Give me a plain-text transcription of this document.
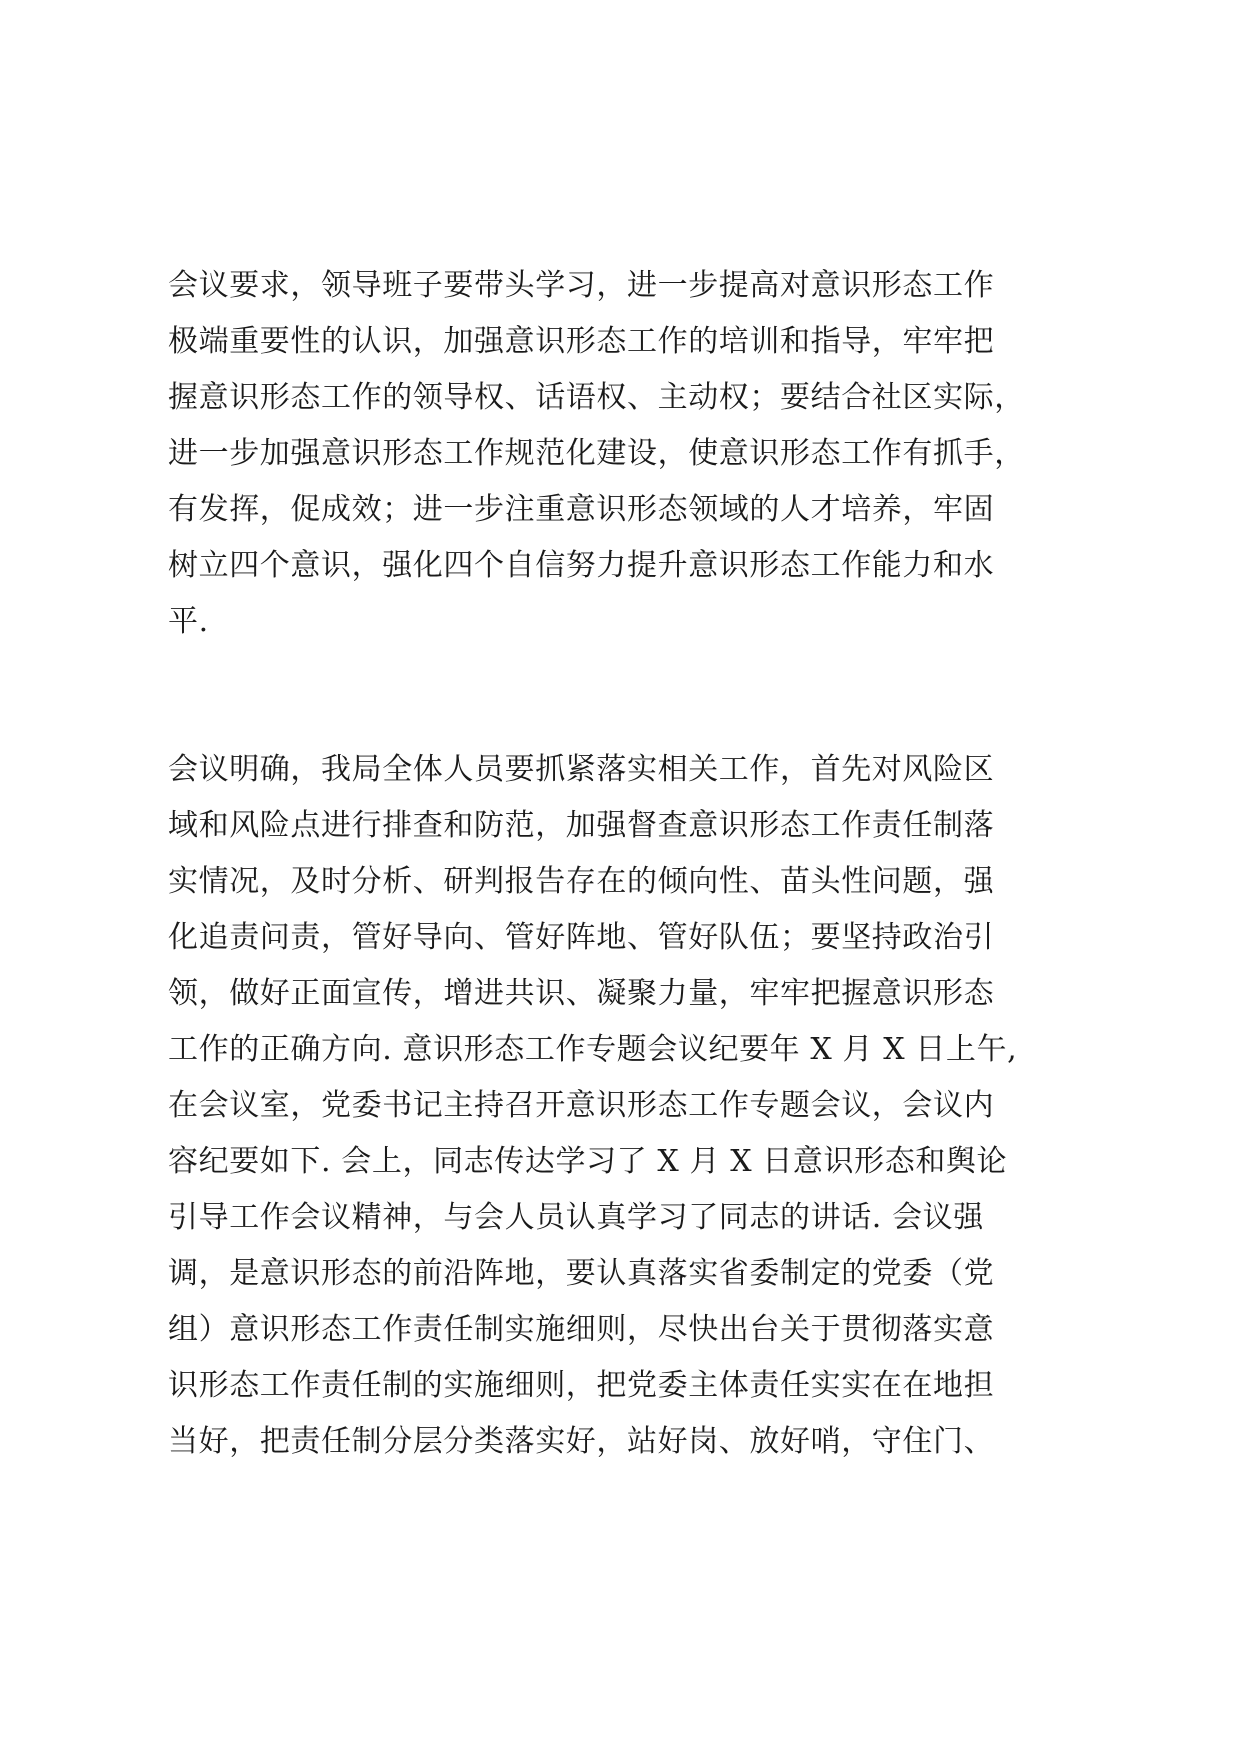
会议要求，领导班子要带头学习，进一步提高对意识形态工作
极端重要性的认识，加强意识形态工作的培训和指导，牢牢把
握意识形态工作的领导权、话语权、主动权；要结合社区实际，
进一步加强意识形态工作规范化建设，使意识形态工作有抓手，
有发挥，促成效；进一步注重意识形态领域的人才培养，牢固
树立四个意识，强化四个自信努力提升意识形态工作能力和水
平.
会议明确，我局全体人员要抓紧落实相关工作，首先对风险区
域和风险点进行排查和防范，加强督查意识形态工作责任制落
实情况，及时分析、研判报告存在的倾向性、苗头性问题，强
化追责问责，管好导向、管好阵地、管好队伍；要坚持政治引
领，做好正面宣传，增进共识、凝聚力量，牢牢把握意识形态
工作的正确方向. 意识形态工作专题会议纪要年 X 月 X 日上午,
在会议室，党委书记主持召开意识形态工作专题会议，会议内
容纪要如下. 会上，同志传达学习了 X 月 X 日意识形态和舆论
引导工作会议精神，与会人员认真学习了同志的讲话. 会议强
调，是意识形态的前沿阵地，要认真落实省委制定的党委（党
组）意识形态工作责任制实施细则，尽快出台关于贯彻落实意
识形态工作责任制的实施细则，把党委主体责任实实在在地担
当好，把责任制分层分类落实好，站好岗、放好哨，守住门、
